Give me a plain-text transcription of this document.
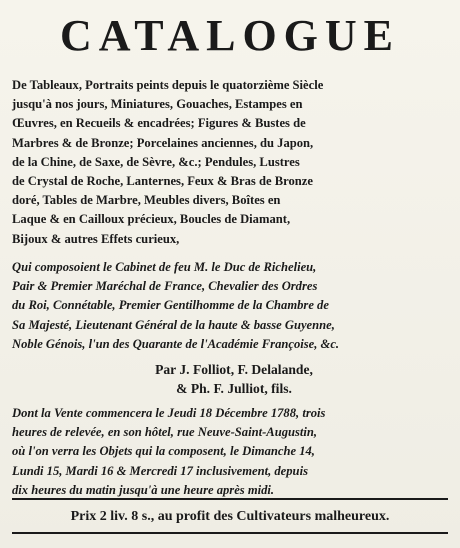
CATALOGUE
De Tableaux, Portraits peints depuis le quatorzième Siècle
jusqu'à nos jours, Miniatures, Gouaches, Estampes en
Œuvres, en Recueils & encadrées; Figures & Bustes de
Marbres & de Bronze; Porcelaines anciennes, du Japon,
de la Chine, de Saxe, de Sèvre, &c.; Pendules, Lustres
de Crystal de Roche, Lanternes, Feux & Bras de Bronze
doré, Tables de Marbre, Meubles divers, Boîtes en
Laque & en Cailloux précieux, Boucles de Diamant,
Bijoux & autres Effets curieux,
Qui composoient le Cabinet de feu M. le Duc de Richelieu,
Pair & Premier Maréchal de France, Chevalier des Ordres
du Roi, Connétable, Premier Gentilhomme de la Chambre de
Sa Majesté, Lieutenant Général de la haute & basse Guyenne,
Noble Génois, l'un des Quarante de l'Académie Françoise, &c.
Par J. Folliot, F. Delalande,
& Ph. F. Julliot, fils.
Dont la Vente commencera le Jeudi 18 Décembre 1788, trois
heures de relevée, en son hôtel, rue Neuve-Saint-Augustin,
où l'on verra les Objets qui la composent, le Dimanche 14,
Lundi 15, Mardi 16 & Mercredi 17 inclusivement, depuis
dix heures du matin jusqu'à une heure après midi.
Prix 2 liv. 8 s., au profit des Cultivateurs malheureux.
